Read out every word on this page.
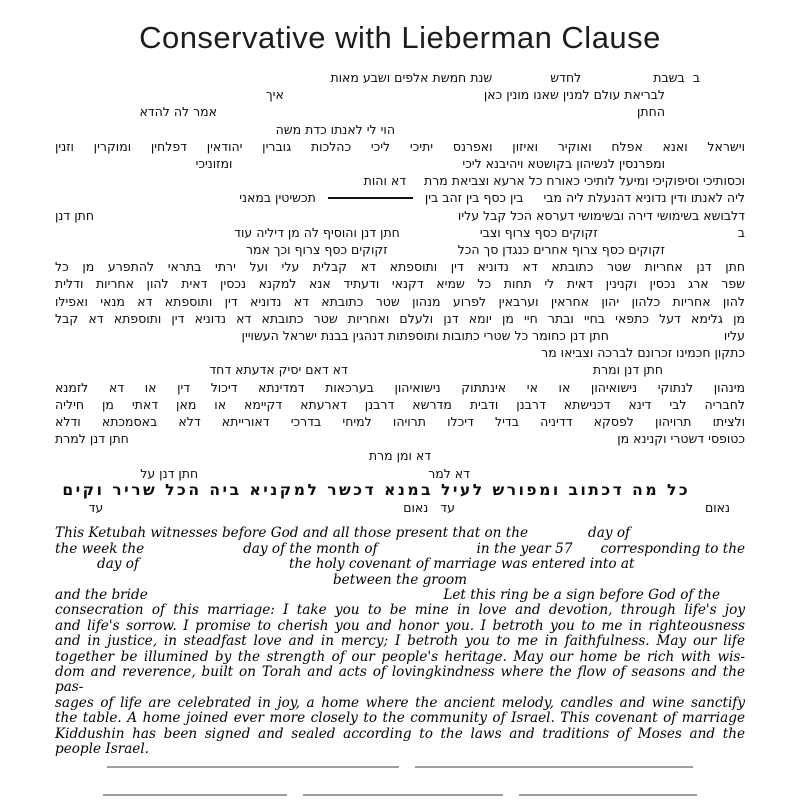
Conservative with Lieberman Clause
ב
בשבת
לחדש
שנת חמשת אלפים ושבע מאות
לבריאת עולם למנין שאנו מונין כאן
איך
החתן
אמר לה להדא
הוי לי לאנתו כדת משה
וישראל ואנא אפלח ואוקיר ואיזון ואפרנס יתיכי ליכי כהלכות גוברין יהודאין דפלחין ומוקרין וזנין
ומפרנסין לנשיהון בקושטא ויהיבנא ליכי
ומזוניכי
וכסותיכי וסיפוקיכי ומיעל לותיכי כאורח כל ארעא וצביאת מרת
דא והות
ליה לאנתו ודין נדוניא דהנעלת ליה מבי
בין כסף בין זהב בין
תכשיטין במאני
דלבושא בשימושי דירה ובשימושי דערסא הכל קבל עליו
חתן דנן
ב
זקוקים כסף צרוף וצבי
חתן דנן והוסיף לה מן דיליה עוד
זקוקים כסף צרוף אחרים כנגדן סך הכל
זקוקים כסף צרוף וכך אמר
חתן דנן אחריות שטר כתובתא דא נדוניא דין ותוספתא דא קבלית עלי ועל ירתי בתראי להתפרע מן כל
שפר ארג נכסין וקנינין דאית לי תחות כל שמיא דקנאי ודעתיד אנא למקנא נכסין דאית להון אחריות ודלית
להון אחריות כלהון יהון אחראין וערבאין לפרוע מנהון שטר כתובתא דא נדוניא דין ותוספתא דא מנאי ואפילו
מן גלימא דעל כתפאי בחיי ובתר חיי מן יומא דנן ולעלם ואחריות שטר כתובתא דא נדוניא דין ותוספתא דא קבל
עליו
חתן דנן כחומר כל שטרי כתובות ותוספתות דנהגין בבנת ישראל העשויין
כתקון חכמינו זכרונם לברכה וצביאו מר
חתן דנן ומרת
דא דאם יסיק אדעתא דחד
מינהון לנתוקי נישואיהון או אי אינתתוק נישואיהון בערכאות דמדינתא דיכול דין או דא לזמנא
לחבריה לבי דינא דכנישתא דרבנן ודבית מדרשא דרבנן דארעתא דקיימא או מאן דאתי מן חיליה
ולציתו תרויהון לפסקא דדיניה בדיל דיכלו תרויהו למיחי בדרכי דאורייתא דלא באסמכתא ודלא
כטופסי דשטרי וקנינא מן
חתן דנן למרת
דא ומן מרת
דא למר
חתן דנן על
כל מה דכתוב ומפורש לעיל במנא דכשר למקניא ביה הכל שריר וקים
נאום
עד
נאום
עד
This Ketubah witnesses before God and all those present that on the	day of
the week the	day of the month of	in the year 57 corresponding to the
day of	the holy covenant of marriage was entered into at
between the groom
and the bride	Let this ring be a sign before God of the
consecration of this marriage: I take you to be mine in love and devotion, through life's joy
and life's sorrow. I promise to cherish you and honor you. I betroth you to me in righteousness
and in justice, in steadfast love and in mercy; I betroth you to me in faithfulness. May our life
together be illumined by the strength of our people's heritage. May our home be rich with wis-
dom and reverence, built on Torah and acts of lovingkindness where the flow of seasons and the pas-
sages of life are celebrated in joy, a home where the ancient melody, candles and wine sanctify
the table. A home joined ever more closely to the community of Israel. This covenant of marriage
Kiddushin has been signed and sealed according to the laws and traditions of Moses and the
people Israel.
